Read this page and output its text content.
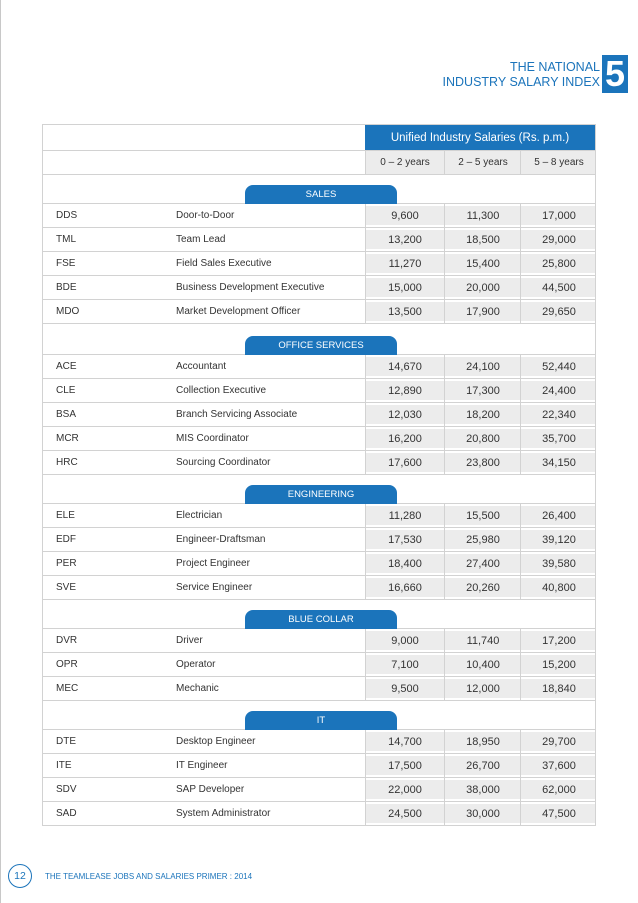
THE NATIONAL
INDUSTRY SALARY INDEX 5
Unified Industry Salaries (Rs. p.m.)
0 – 2 years	2 – 5 years	5 – 8 years
SALES
DDS	Door-to-Door	9,600	11,300	17,000
TML	Team Lead	13,200	18,500	29,000
FSE	Field Sales Executive	11,270	15,400	25,800
BDE	Business Development Executive	15,000	20,000	44,500
MDO	Market Development Officer	13,500	17,900	29,650
OFFICE SERVICES
ACE	Accountant	14,670	24,100	52,440
CLE	Collection Executive	12,890	17,300	24,400
BSA	Branch Servicing Associate	12,030	18,200	22,340
MCR	MIS Coordinator	16,200	20,800	35,700
HRC	Sourcing Coordinator	17,600	23,800	34,150
ENGINEERING
ELE	Electrician	11,280	15,500	26,400
EDF	Engineer-Draftsman	17,530	25,980	39,120
PER	Project Engineer	18,400	27,400	39,580
SVE	Service Engineer	16,660	20,260	40,800
BLUE COLLAR
DVR	Driver	9,000	11,740	17,200
OPR	Operator	7,100	10,400	15,200
MEC	Mechanic	9,500	12,000	18,840
IT
DTE	Desktop Engineer	14,700	18,950	29,700
ITE	IT Engineer	17,500	26,700	37,600
SDV	SAP Developer	22,000	38,000	62,000
SAD	System Administrator	24,500	30,000	47,500
12	THE TEAMLEASE JOBS AND SALARIES PRIMER : 2014
